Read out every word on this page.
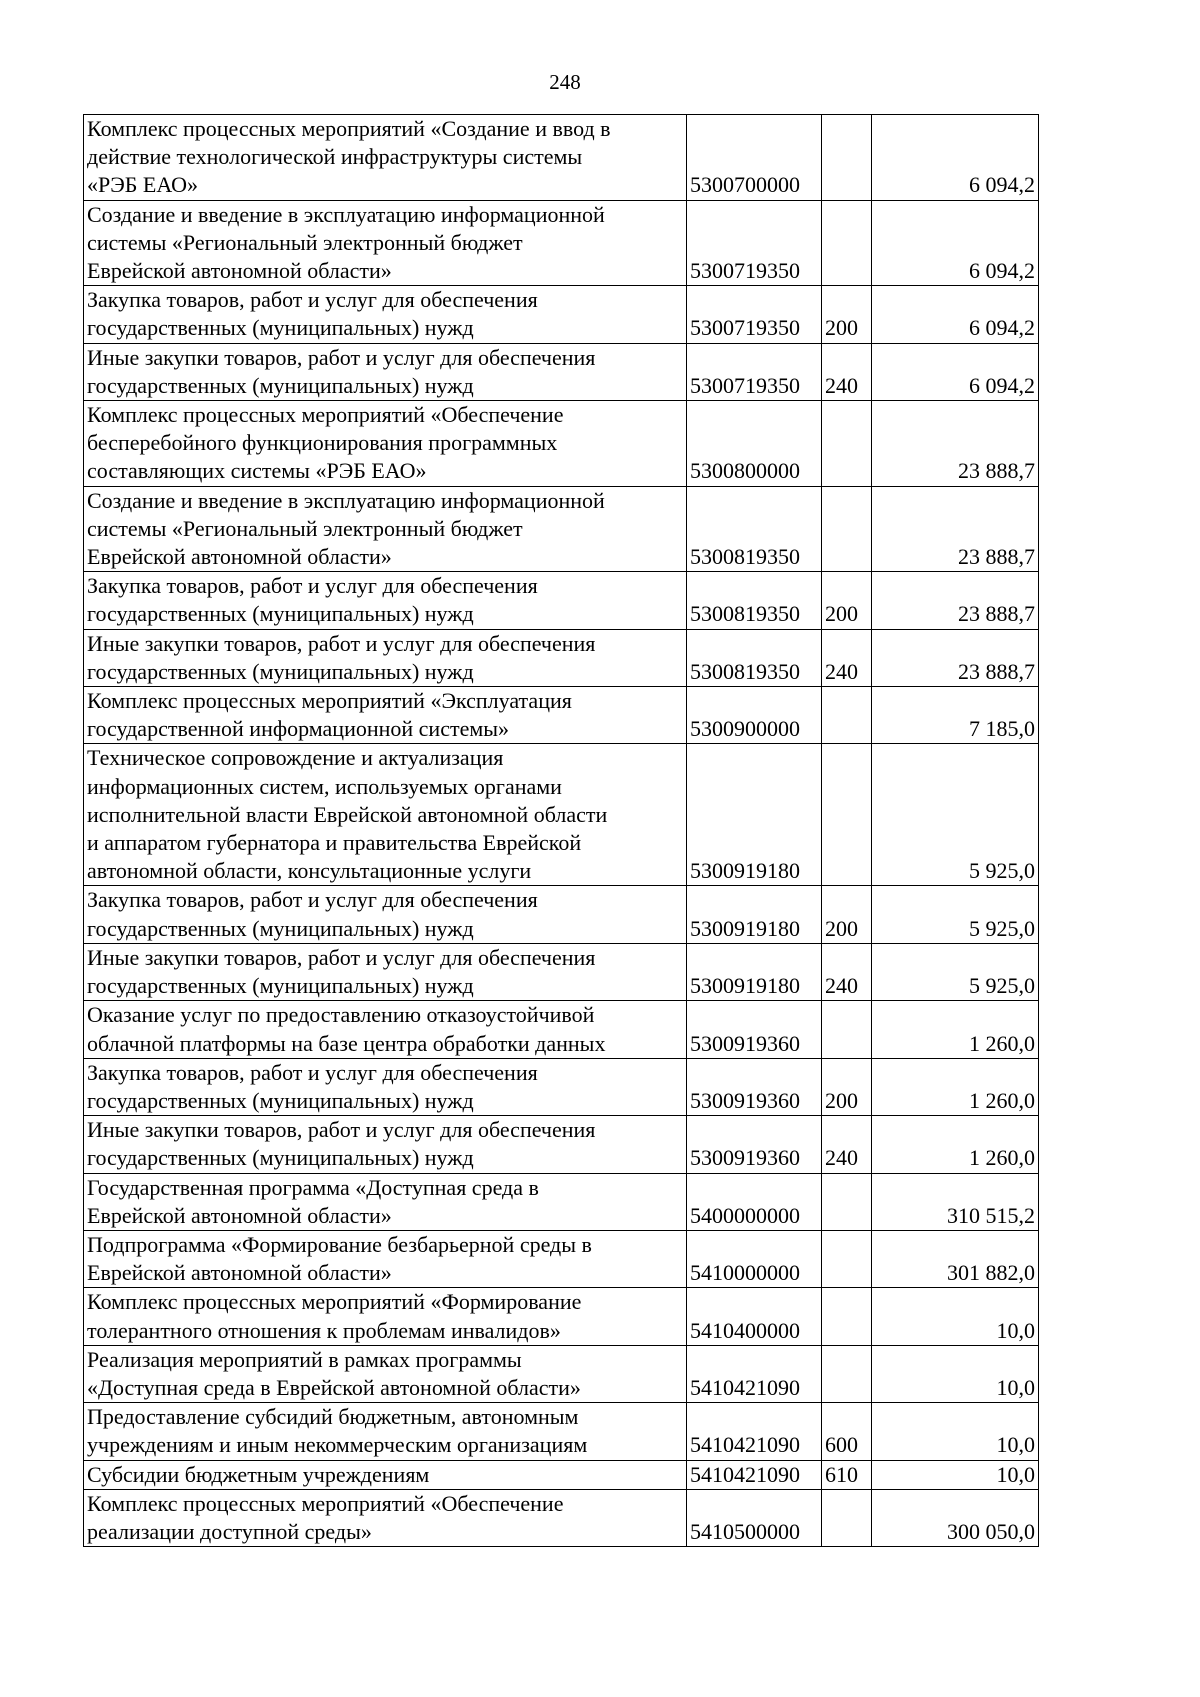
248
Комплекс процессных мероприятий «Создание и ввод в
действие технологической инфраструктуры системы
«РЭБ ЕАО»	5300700000		6 094,2
Создание и введение в эксплуатацию информационной
системы «Региональный электронный бюджет
Еврейской автономной области»	5300719350		6 094,2
Закупка товаров, работ и услуг для обеспечения
государственных (муниципальных) нужд	5300719350	200	6 094,2
Иные закупки товаров, работ и услуг для обеспечения
государственных (муниципальных) нужд	5300719350	240	6 094,2
Комплекс процессных мероприятий «Обеспечение
бесперебойного функционирования программных
составляющих системы «РЭБ ЕАО»	5300800000		23 888,7
Создание и введение в эксплуатацию информационной
системы «Региональный электронный бюджет
Еврейской автономной области»	5300819350		23 888,7
Закупка товаров, работ и услуг для обеспечения
государственных (муниципальных) нужд	5300819350	200	23 888,7
Иные закупки товаров, работ и услуг для обеспечения
государственных (муниципальных) нужд	5300819350	240	23 888,7
Комплекс процессных мероприятий «Эксплуатация
государственной информационной системы»	5300900000		7 185,0
Техническое сопровождение и актуализация
информационных систем, используемых органами
исполнительной власти Еврейской автономной области
и аппаратом губернатора и правительства Еврейской
автономной области, консультационные услуги	5300919180		5 925,0
Закупка товаров, работ и услуг для обеспечения
государственных (муниципальных) нужд	5300919180	200	5 925,0
Иные закупки товаров, работ и услуг для обеспечения
государственных (муниципальных) нужд	5300919180	240	5 925,0
Оказание услуг по предоставлению отказоустойчивой
облачной платформы на базе центра обработки данных	5300919360		1 260,0
Закупка товаров, работ и услуг для обеспечения
государственных (муниципальных) нужд	5300919360	200	1 260,0
Иные закупки товаров, работ и услуг для обеспечения
государственных (муниципальных) нужд	5300919360	240	1 260,0
Государственная программа «Доступная среда в
Еврейской автономной области»	5400000000		310 515,2
Подпрограмма «Формирование безбарьерной среды в
Еврейской автономной области»	5410000000		301 882,0
Комплекс процессных мероприятий «Формирование
толерантного отношения к проблемам инвалидов»	5410400000		10,0
Реализация мероприятий в рамках программы
«Доступная среда в Еврейской автономной области»	5410421090		10,0
Предоставление субсидий бюджетным, автономным
учреждениям и иным некоммерческим организациям	5410421090	600	10,0
Субсидии бюджетным учреждениям	5410421090	610	10,0
Комплекс процессных мероприятий «Обеспечение
реализации доступной среды»	5410500000		300 050,0
